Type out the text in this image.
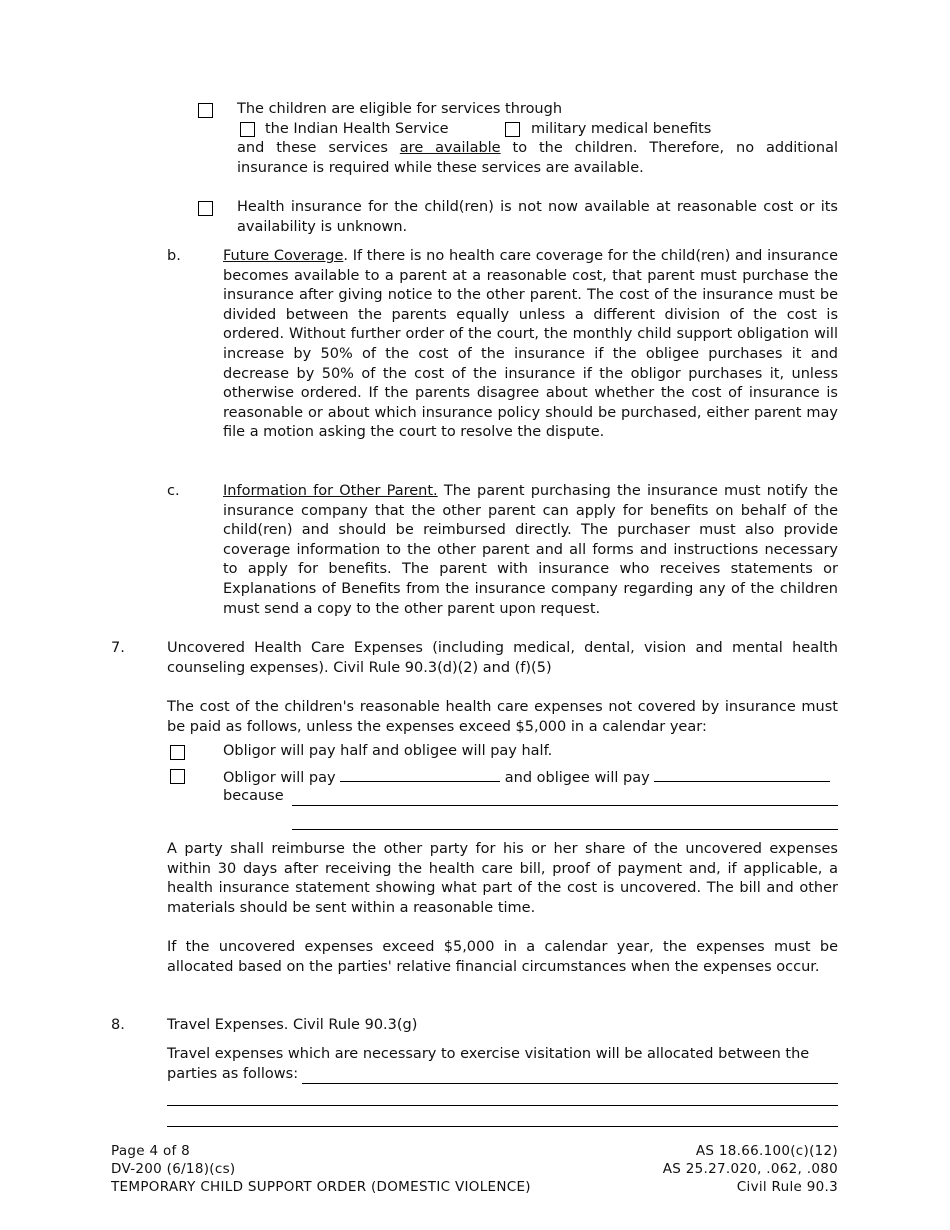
The children are eligible for services through

the Indian Health Service	military medical benefits

and these services are available to the children. Therefore, no additional insurance is required while these services are available.

Health insurance for the child(ren) is not now available at reasonable cost or its availability is unknown.

b.	Future Coverage. If there is no health care coverage for the child(ren) and insurance becomes available to a parent at a reasonable cost, that parent must purchase the insurance after giving notice to the other parent. The cost of the insurance must be divided between the parents equally unless a different division of the cost is ordered. Without further order of the court, the monthly child support obligation will increase by 50% of the cost of the insurance if the obligee purchases it and decrease by 50% of the cost of the insurance if the obligor purchases it, unless otherwise ordered. If the parents disagree about whether the cost of insurance is reasonable or about which insurance policy should be purchased, either parent may file a motion asking the court to resolve the dispute.

c.	Information for Other Parent. The parent purchasing the insurance must notify the insurance company that the other parent can apply for benefits on behalf of the child(ren) and should be reimbursed directly. The purchaser must also provide coverage information to the other parent and all forms and instructions necessary to apply for benefits. The parent with insurance who receives statements or Explanations of Benefits from the insurance company regarding any of the children must send a copy to the other parent upon request.

7.	Uncovered Health Care Expenses (including medical, dental, vision and mental health counseling expenses). Civil Rule 90.3(d)(2) and (f)(5)

The cost of the children's reasonable health care expenses not covered by insurance must be paid as follows, unless the expenses exceed $5,000 in a calendar year:

Obligor will pay half and obligee will pay half.

Obligor will pay	and obligee will pay

because

A party shall reimburse the other party for his or her share of the uncovered expenses within 30 days after receiving the health care bill, proof of payment and, if applicable, a health insurance statement showing what part of the cost is uncovered. The bill and other materials should be sent within a reasonable time.

If the uncovered expenses exceed $5,000 in a calendar year, the expenses must be allocated based on the parties' relative financial circumstances when the expenses occur.

8.	Travel Expenses. Civil Rule 90.3(g)

Travel expenses which are necessary to exercise visitation will be allocated between the

parties as follows:

Page 4 of 8
DV-200 (6/18)(cs)
TEMPORARY CHILD SUPPORT ORDER (DOMESTIC VIOLENCE)
AS 18.66.100(c)(12)
AS 25.27.020, .062, .080
Civil Rule 90.3
